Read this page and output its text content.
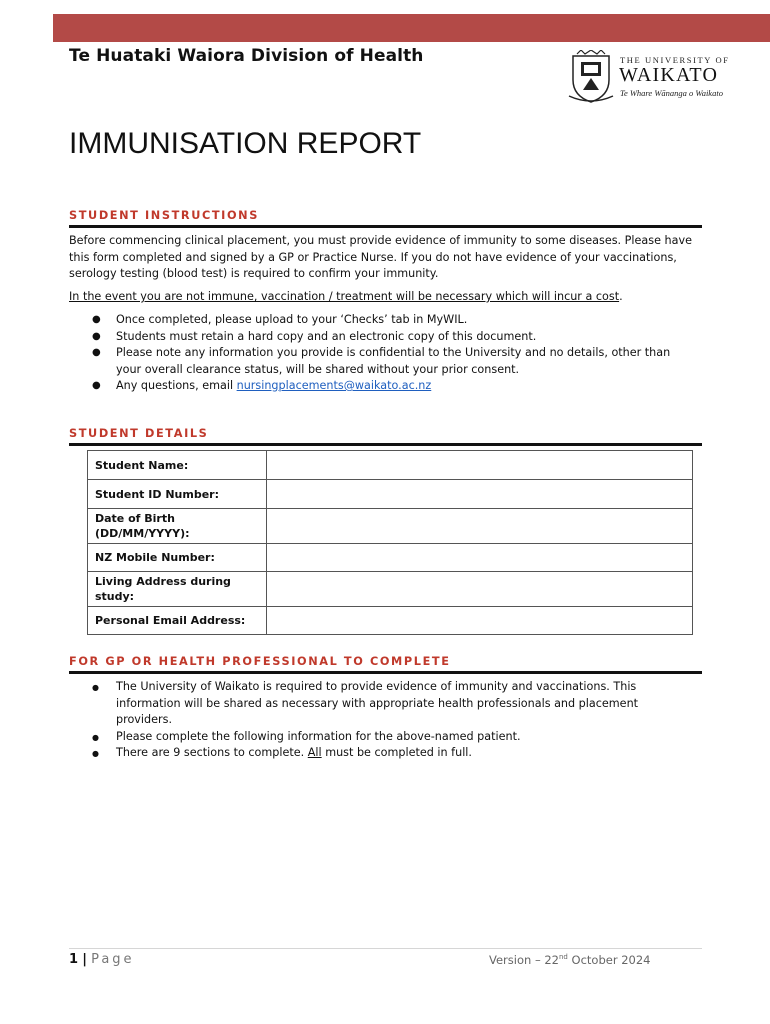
Te Huataki Waiora Division of Health	THE UNIVERSITY OF
WAIKATO
Te Whare Wānanga o Waikato
IMMUNISATION REPORT
STUDENT INSTRUCTIONS
Before commencing clinical placement, you must provide evidence of immunity to some diseases. Please have this form completed and signed by a GP or Practice Nurse. If you do not have evidence of your vaccinations, serology testing (blood test) is required to confirm your immunity.
In the event you are not immune, vaccination / treatment will be necessary which will incur a cost.
● Once completed, please upload to your ‘Checks’ tab in MyWIL.
● Students must retain a hard copy and an electronic copy of this document.
● Please note any information you provide is confidential to the University and no details, other than your overall clearance status, will be shared without your prior consent.
● Any questions, email nursingplacements@waikato.ac.nz
STUDENT DETAILS
Student Name:	
Student ID Number:	
Date of Birth (DD/MM/YYYY):	
NZ Mobile Number:	
Living Address during study:	
Personal Email Address:	
FOR GP OR HEALTH PROFESSIONAL TO COMPLETE
● The University of Waikato is required to provide evidence of immunity and vaccinations. This information will be shared as necessary with appropriate health professionals and placement providers.
● Please complete the following information for the above-named patient.
● There are 9 sections to complete. All must be completed in full.
1 | Page	Version – 22nd October 2024
